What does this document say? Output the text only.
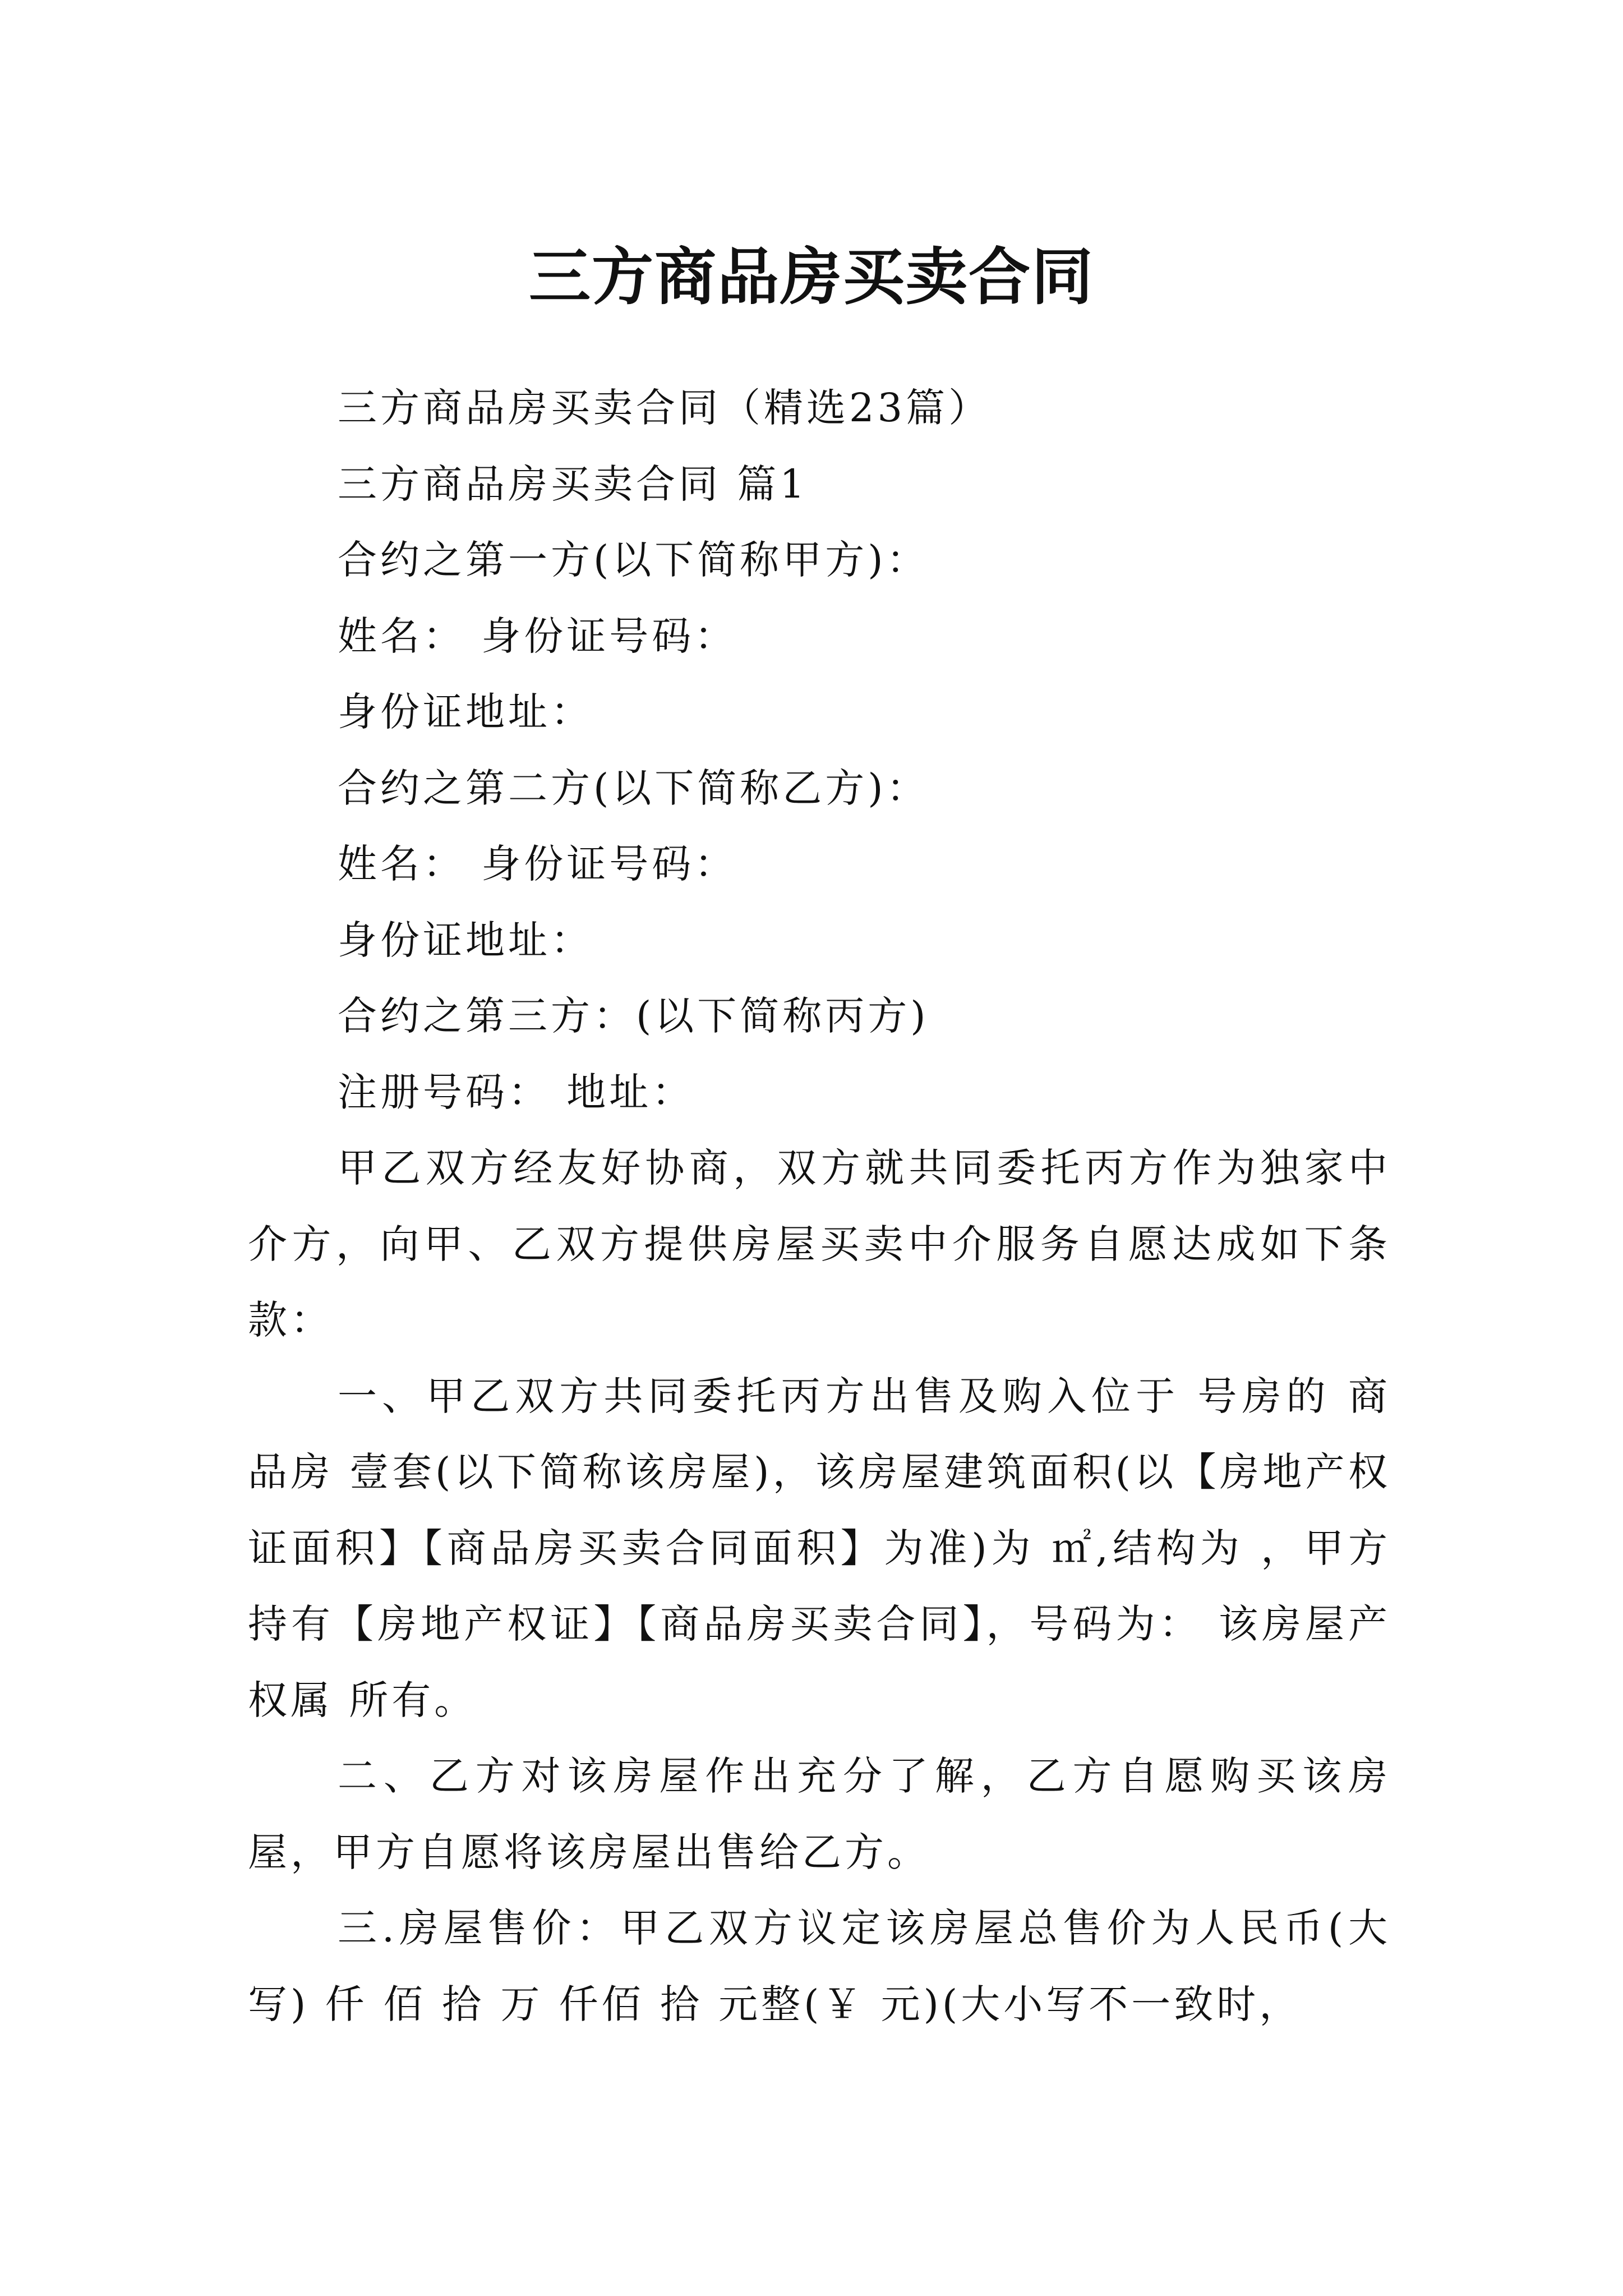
三方商品房买卖合同

三方商品房买卖合同（精选23篇）

三方商品房买卖合同 篇1

合约之第一方(以下简称甲方)：

姓名： 身份证号码：

身份证地址：

合约之第二方(以下简称乙方)：

姓名： 身份证号码：

身份证地址：

合约之第三方：(以下简称丙方)

注册号码： 地址：

甲乙双方经友好协商，双方就共同委托丙方作为独家中介方，向甲、乙双方提供房屋买卖中介服务自愿达成如下条款：

一、甲乙双方共同委托丙方出售及购入位于 号房的 商品房 壹套(以下简称该房屋)，该房屋建筑面积(以【房地产权证面积】【商品房买卖合同面积】为准)为 ㎡,结构为 ，甲方持有【房地产权证】【商品房买卖合同】，号码为： 该房屋产权属 所有。

二、乙方对该房屋作出充分了解，乙方自愿购买该房屋，甲方自愿将该房屋出售给乙方。

三.房屋售价：甲乙双方议定该房屋总售价为人民币(大写) 仟 佰 拾 万 仟佰 拾 元整(￥ 元)(大小写不一致时，
